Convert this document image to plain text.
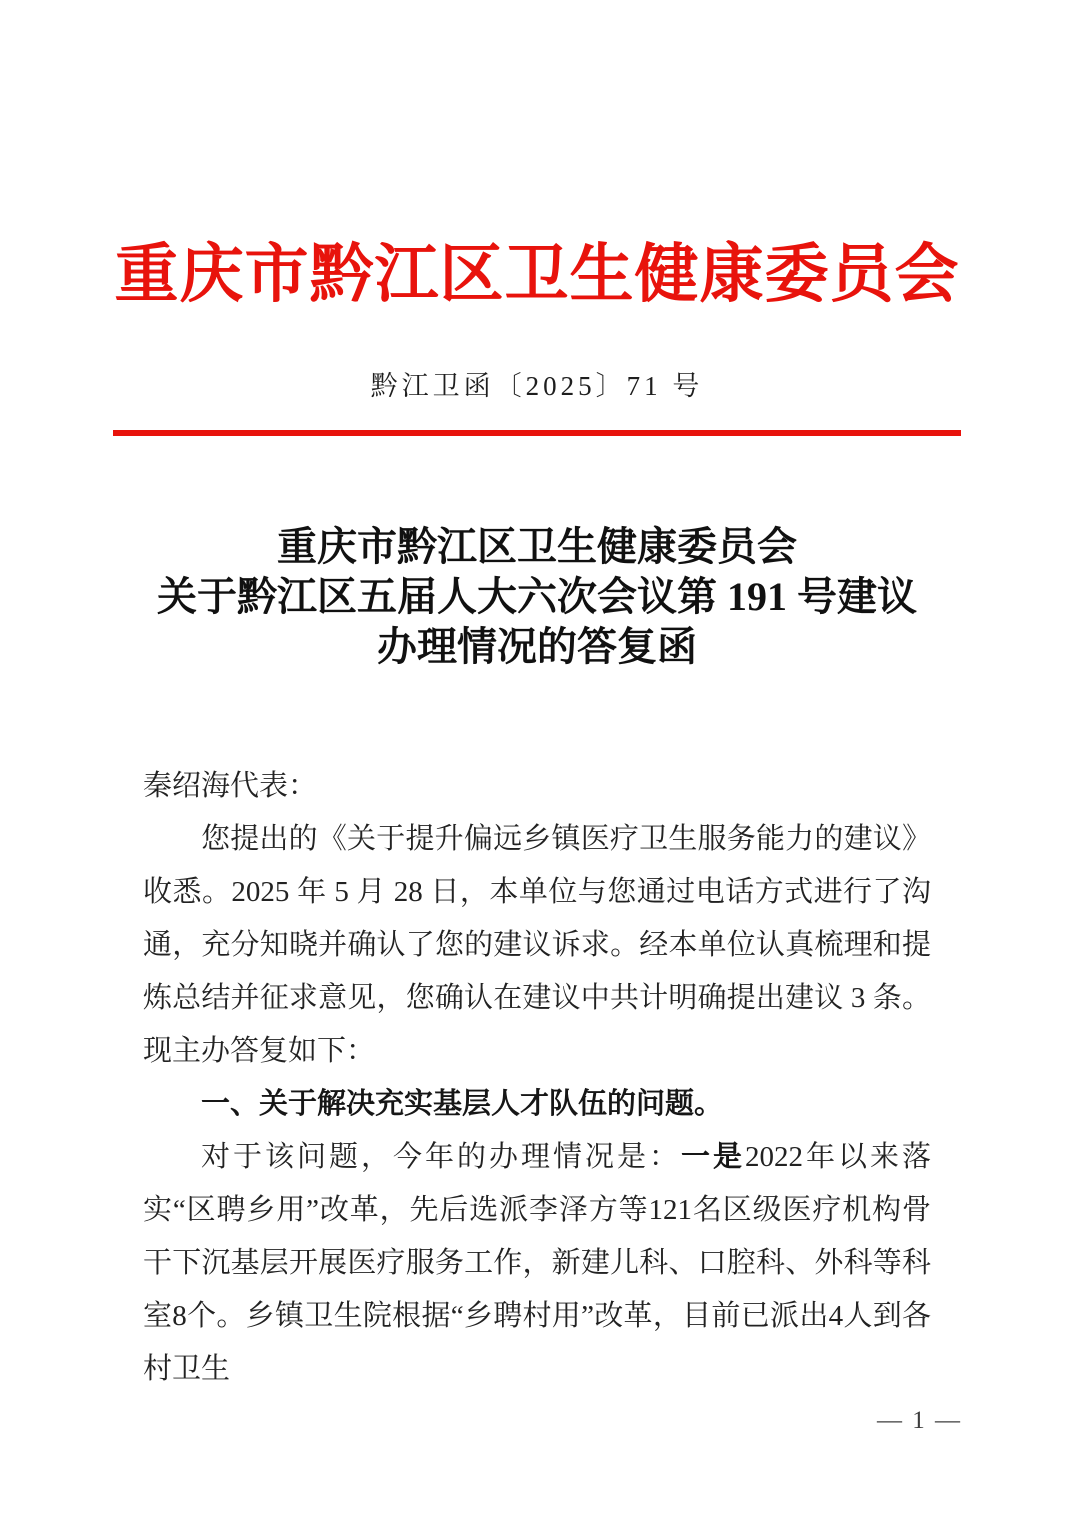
重庆市黔江区卫生健康委员会
黔江卫函〔2025〕71 号
重庆市黔江区卫生健康委员会
关于黔江区五届人大六次会议第 191 号建议
办理情况的答复函

秦绍海代表：

您提出的《关于提升偏远乡镇医疗卫生服务能力的建议》收悉。2025 年 5 月 28 日，本单位与您通过电话方式进行了沟通，充分知晓并确认了您的建议诉求。经本单位认真梳理和提炼总结并征求意见，您确认在建议中共计明确提出建议 3 条。现主办答复如下：

一、关于解决充实基层人才队伍的问题。

对于该问题，今年的办理情况是：一是2022年以来落实“区聘乡用”改革，先后选派李泽方等121名区级医疗机构骨干下沉基层开展医疗服务工作，新建儿科、口腔科、外科等科室8个。乡镇卫生院根据“乡聘村用”改革，目前已派出4人到各村卫生

— 1 —
